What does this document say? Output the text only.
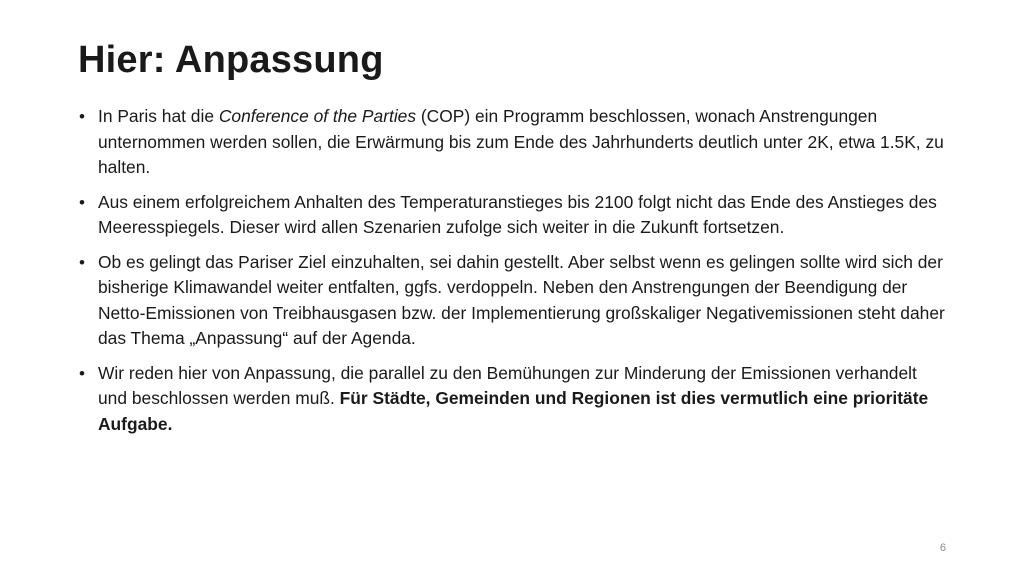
Hier: Anpassung
• In Paris hat die Conference of the Parties (COP) ein Programm beschlossen, wonach Anstrengungen unternommen werden sollen, die Erwärmung bis zum Ende des Jahrhunderts deutlich unter 2K, etwa 1.5K, zu halten.
• Aus einem erfolgreichem Anhalten des Temperaturanstieges bis 2100 folgt nicht das Ende des Anstieges des Meeresspiegels. Dieser wird allen Szenarien zufolge sich weiter in die Zukunft fortsetzen.
• Ob es gelingt das Pariser Ziel einzuhalten, sei dahin gestellt. Aber selbst wenn es gelingen sollte wird sich der bisherige Klimawandel weiter entfalten, ggfs. verdoppeln. Neben den Anstrengungen der Beendigung der Netto-Emissionen von Treibhausgasen bzw. der Implementierung großskaliger Negativemissionen steht daher das Thema „Anpassung“ auf der Agenda.
• Wir reden hier von Anpassung, die parallel zu den Bemühungen zur Minderung der Emissionen verhandelt und beschlossen werden muß. Für Städte, Gemeinden und Regionen ist dies vermutlich eine prioritäte Aufgabe.
6
